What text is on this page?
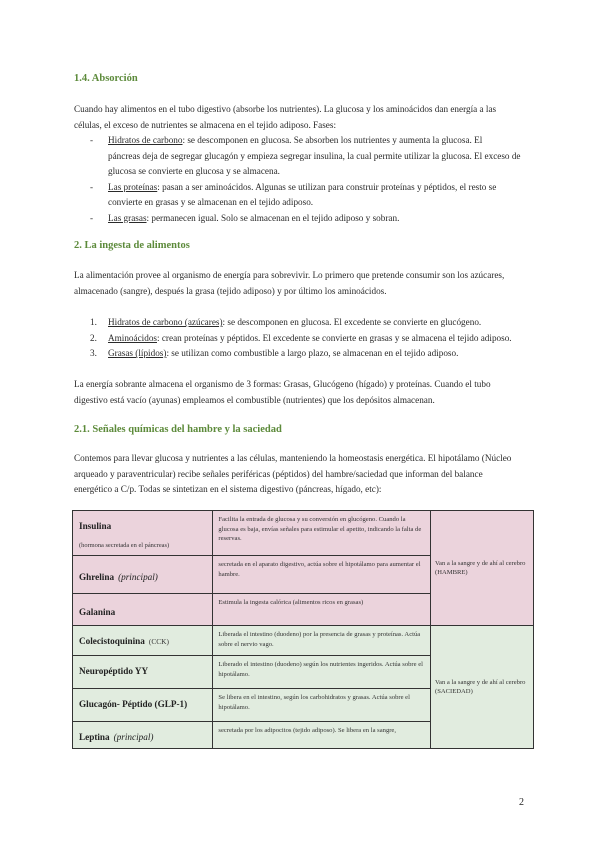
1.4. Absorción

Cuando hay alimentos en el tubo digestivo (absorbe los nutrientes). La glucosa y los aminoácidos dan energía a las
células, el exceso de nutrientes se almacena en el tejido adiposo. Fases:

- Hidratos de carbono: se descomponen en glucosa. Se absorben los nutrientes y aumenta la glucosa. El
páncreas deja de segregar glucagón y empieza segregar insulina, la cual permite utilizar la glucosa. El exceso de
glucosa se convierte en glucosa y se almacena.
- Las proteínas: pasan a ser aminoácidos. Algunas se utilizan para construir proteínas y péptidos, el resto se
convierte en grasas y se almacenan en el tejido adiposo.
- Las grasas: permanecen igual. Solo se almacenan en el tejido adiposo y sobran.
2. La ingesta de alimentos

La alimentación provee al organismo de energía para sobrevivir. Lo primero que pretende consumir son los azúcares,
almacenado (sangre), después la grasa (tejido adiposo) y por último los aminoácidos.

1. Hidratos de carbono (azúcares): se descomponen en glucosa. El excedente se convierte en glucógeno.
2. Aminoácidos: crean proteínas y péptidos. El excedente se convierte en grasas y se almacena el tejido adiposo.
3. Grasas (lípidos): se utilizan como combustible a largo plazo, se almacenan en el tejido adiposo.

La energía sobrante almacena el organismo de 3 formas: Grasas, Glucógeno (hígado) y proteínas. Cuando el tubo
digestivo está vacío (ayunas) empleamos el combustible (nutrientes) que los depósitos almacenan.

2.1. Señales químicas del hambre y la saciedad

Contemos para llevar glucosa y nutrientes a las células, manteniendo la homeostasis energética. El hipotálamo (Núcleo
arqueado y paraventricular) recibe señales periféricas (péptidos) del hambre/saciedad que informan del balance
energético a C/p. Todas se sintetizan en el sistema digestivo (páncreas, hígado, etc):

Insulina
(hormona secretada en el páncreas)	Facilita la entrada de glucosa y su conversión en glucógeno. Cuando la glucosa es baja, envías señales para estimular el apetito, indicando la falta de reservas.	Van a la sangre y de ahí al cerebro (HAMBRE)
Ghrelina (principal)	secretada en el aparato digestivo, actúa sobre el hipotálamo para aumentar el hambre.	
Galanina	Estimula la ingesta calórica (alimentos ricos en grasas)	
Colecistoquinina (CCK)	Liberada el intestino (duodeno) por la presencia de grasas y proteínas. Actúa sobre el nervio vago.	Van a la sangre y de ahí al cerebro (SACIEDAD)
Neuropéptido YY	Liberado el intestino (duodeno) según los nutrientes ingeridos. Actúa sobre el hipotálamo.	
Glucagón- Péptido (GLP-1)	Se libera en el intestino, según los carbohidratos y grasas. Actúa sobre el hipotálamo.	
Leptina (principal)	secretada por los adipocitos (tejido adiposo). Se libera en la sangre,	
2
